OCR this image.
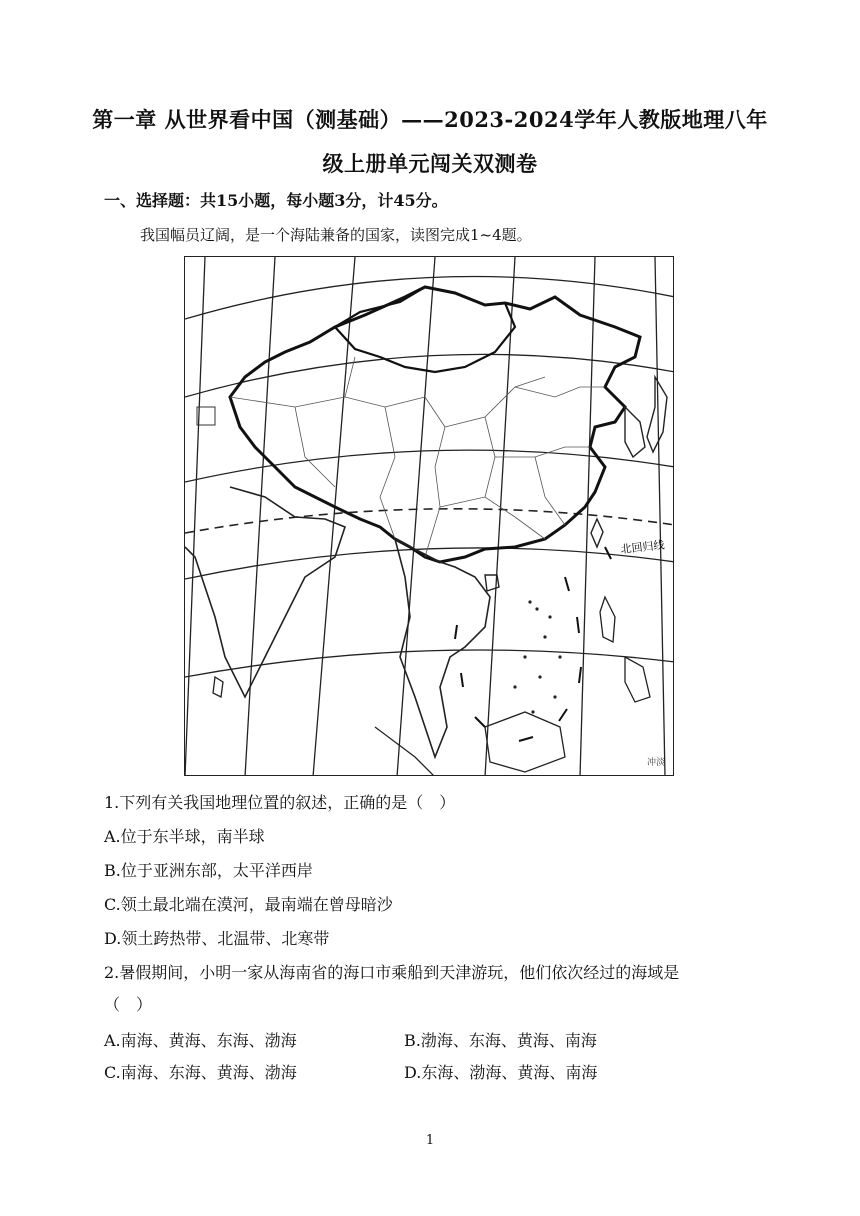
第一章 从世界看中国（测基础）——2023-2024学年人教版地理八年
级上册单元闯关双测卷
一、选择题：共15小题，每小题3分，计45分。
我国幅员辽阔，是一个海陆兼备的国家，读图完成1~4题。
北回归线
冲淡
1.下列有关我国地理位置的叙述，正确的是（　）
A.位于东半球，南半球
B.位于亚洲东部，太平洋西岸
C.领土最北端在漠河，最南端在曾母暗沙
D.领土跨热带、北温带、北寒带
2.暑假期间，小明一家从海南省的海口市乘船到天津游玩，他们依次经过的海域是
（　）
A.南海、黄海、东海、渤海	B.渤海、东海、黄海、南海
C.南海、东海、黄海、渤海	D.东海、渤海、黄海、南海
1
